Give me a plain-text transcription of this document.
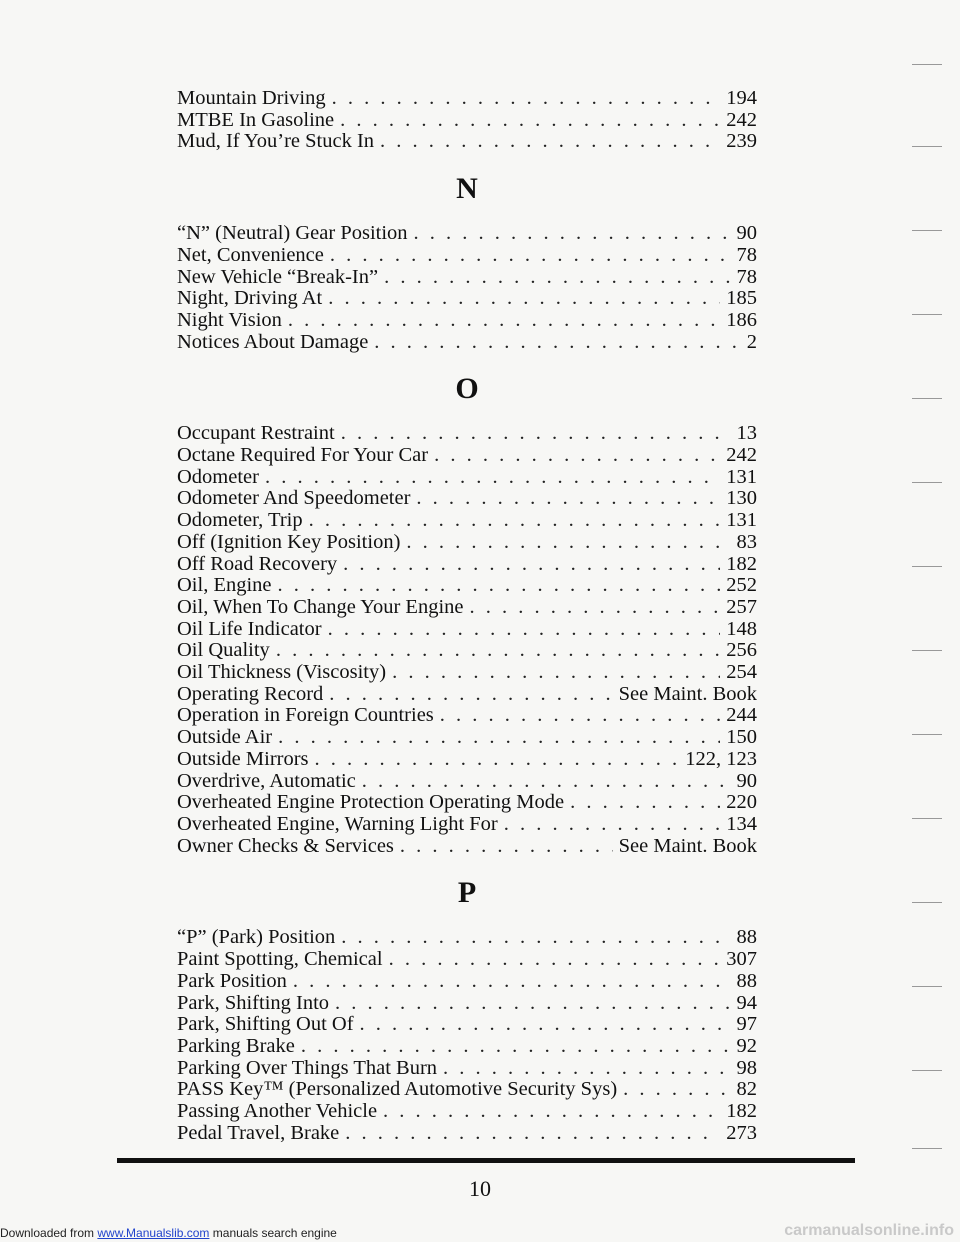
Mountain Driving . . .	194
MTBE In Gasoline . . .	242
Mud, If You’re Stuck In . . .	239
N
“N” (Neutral) Gear Position . . .	90
Net, Convenience . . .	78
New Vehicle “Break-In” . . .	78
Night, Driving At . . .	185
Night Vision . . .	186
Notices About Damage . . .	2
O
Occupant Restraint . . .	13
Octane Required For Your Car . . .	242
Odometer . . .	131
Odometer And Speedometer . . .	130
Odometer, Trip . . .	131
Off (Ignition Key Position) . . .	83
Off Road Recovery . . .	182
Oil, Engine . . .	252
Oil, When To Change Your Engine . . .	257
Oil Life Indicator . . .	148
Oil Quality . . .	256
Oil Thickness (Viscosity) . . .	254
Operating Record . . .	See Maint. Book
Operation in Foreign Countries . . .	244
Outside Air . . .	150
Outside Mirrors . . .	122, 123
Overdrive, Automatic . . .	90
Overheated Engine Protection Operating Mode . . .	220
Overheated Engine, Warning Light For . . .	134
Owner Checks & Services . . .	See Maint. Book
P
“P” (Park) Position . . .	88
Paint Spotting, Chemical . . .	307
Park Position . . .	88
Park, Shifting Into . . .	94
Park, Shifting Out Of . . .	97
Parking Brake . . .	92
Parking Over Things That Burn . . .	98
PASS Key™ (Personalized Automotive Security Sys) . . .	82
Passing Another Vehicle . . .	182
Pedal Travel, Brake . . .	273
10
Downloaded from www.Manualslib.com manuals search engine	carmanualsonline.info
